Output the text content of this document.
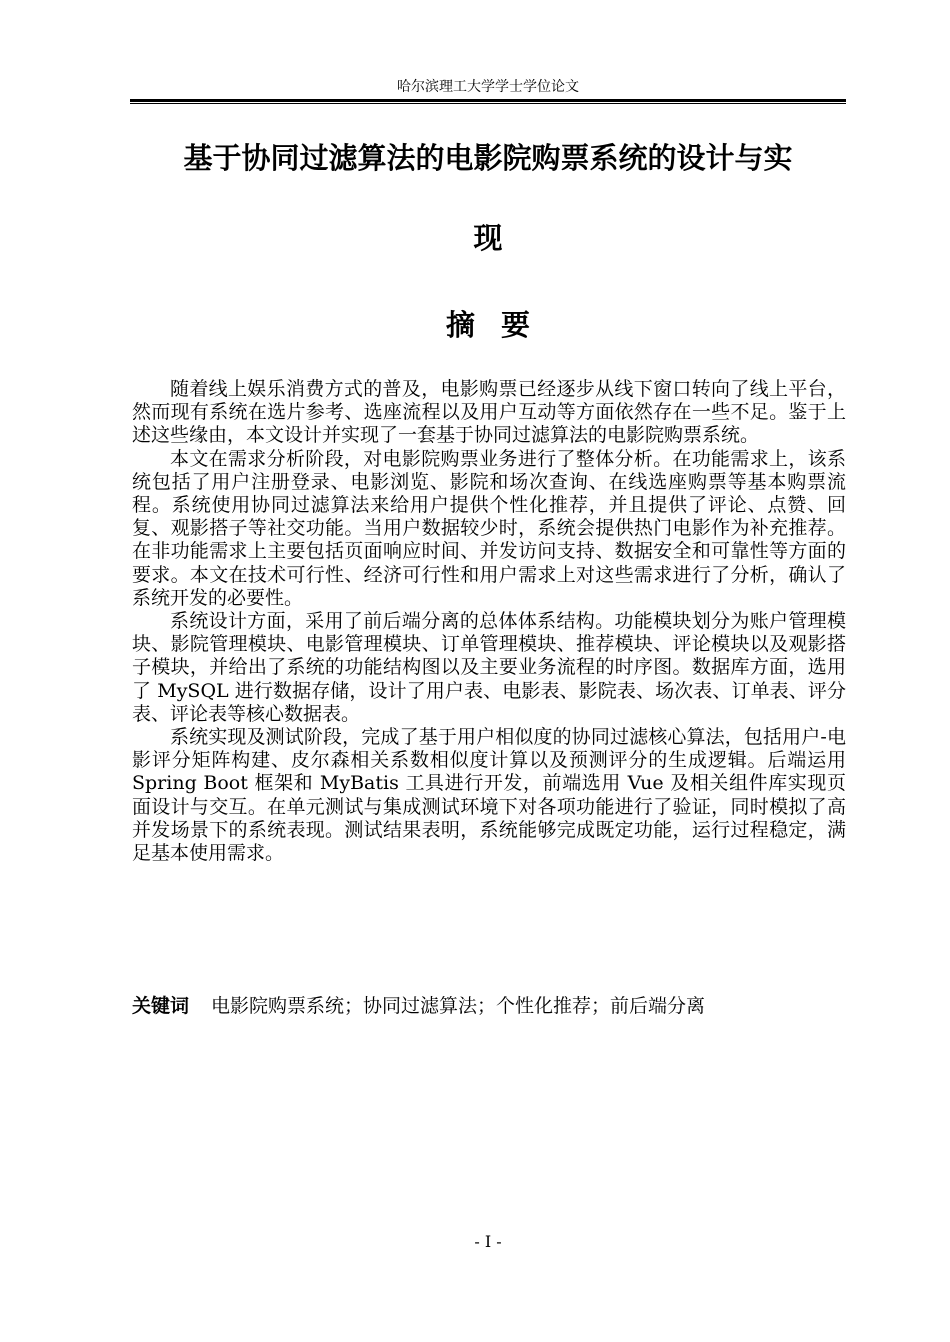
哈尔滨理工大学学士学位论文
基于协同过滤算法的电影院购票系统的设计与实
现
摘要

随着线上娱乐消费方式的普及，电影购票已经逐步从线下窗口转向了线上平台，然而现有系统在选片参考、选座流程以及用户互动等方面依然存在一些不足。鉴于上述这些缘由，本文设计并实现了一套基于协同过滤算法的电影院购票系统。

本文在需求分析阶段，对电影院购票业务进行了整体分析。在功能需求上，该系统包括了用户注册登录、电影浏览、影院和场次查询、在线选座购票等基本购票流程。系统使用协同过滤算法来给用户提供个性化推荐，并且提供了评论、点赞、回复、观影搭子等社交功能。当用户数据较少时，系统会提供热门电影作为补充推荐。在非功能需求上主要包括页面响应时间、并发访问支持、数据安全和可靠性等方面的要求。本文在技术可行性、经济可行性和用户需求上对这些需求进行了分析，确认了系统开发的必要性。

系统设计方面，采用了前后端分离的总体体系结构。功能模块划分为账户管理模块、影院管理模块、电影管理模块、订单管理模块、推荐模块、评论模块以及观影搭子模块，并给出了系统的功能结构图以及主要业务流程的时序图。数据库方面，选用了 MySQL 进行数据存储，设计了用户表、电影表、影院表、场次表、订单表、评分表、评论表等核心数据表。

系统实现及测试阶段，完成了基于用户相似度的协同过滤核心算法，包括用户-电影评分矩阵构建、皮尔森相关系数相似度计算以及预测评分的生成逻辑。后端运用 Spring Boot 框架和 MyBatis 工具进行开发，前端选用 Vue 及相关组件库实现页面设计与交互。在单元测试与集成测试环境下对各项功能进行了验证，同时模拟了高并发场景下的系统表现。测试结果表明，系统能够完成既定功能，运行过程稳定，满足基本使用需求。

关键词 电影院购票系统；协同过滤算法；个性化推荐；前后端分离
- I -
